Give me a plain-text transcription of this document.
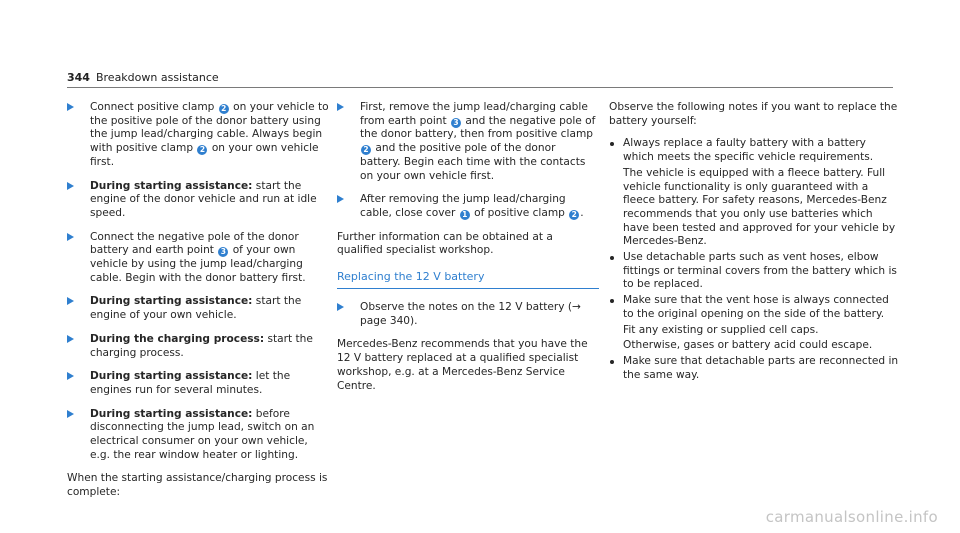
344 Breakdown assistance
Connect positive clamp 2 on your vehicle to the positive pole of the donor battery using the jump lead/charging cable. Always begin with positive clamp 2 on your own vehicle first.
During starting assistance: start the engine of the donor vehicle and run at idle speed.
Connect the negative pole of the donor battery and earth point 3 of your own vehicle by using the jump lead/charging cable. Begin with the donor battery first.
During starting assistance: start the engine of your own vehicle.
During the charging process: start the charging process.
During starting assistance: let the engines run for several minutes.
During starting assistance: before disconnecting the jump lead, switch on an electrical consumer on your own vehicle, e.g. the rear window heater or lighting.
When the starting assistance/charging process is complete:
First, remove the jump lead/charging cable from earth point 3 and the negative pole of the donor battery, then from positive clamp 2 and the positive pole of the donor battery. Begin each time with the contacts on your own vehicle first.
After removing the jump lead/charging cable, close cover 1 of positive clamp 2 .
Further information can be obtained at a qualified specialist workshop.
Replacing the 12 V battery
Observe the notes on the 12 V battery (→ page 340).
Mercedes-Benz recommends that you have the 12 V battery replaced at a qualified specialist workshop, e.g. at a Mercedes-Benz Service Centre.
Observe the following notes if you want to replace the battery yourself:
Always replace a faulty battery with a battery which meets the specific vehicle requirements.
The vehicle is equipped with a fleece battery. Full vehicle functionality is only guaranteed with a fleece battery. For safety reasons, Mercedes-Benz recommends that you only use batteries which have been tested and approved for your vehicle by Mercedes-Benz.
Use detachable parts such as vent hoses, elbow fittings or terminal covers from the battery which is to be replaced.
Make sure that the vent hose is always connected to the original opening on the side of the battery.
Fit any existing or supplied cell caps.
Otherwise, gases or battery acid could escape.
Make sure that detachable parts are reconnected in the same way.
carmanualsonline.info
